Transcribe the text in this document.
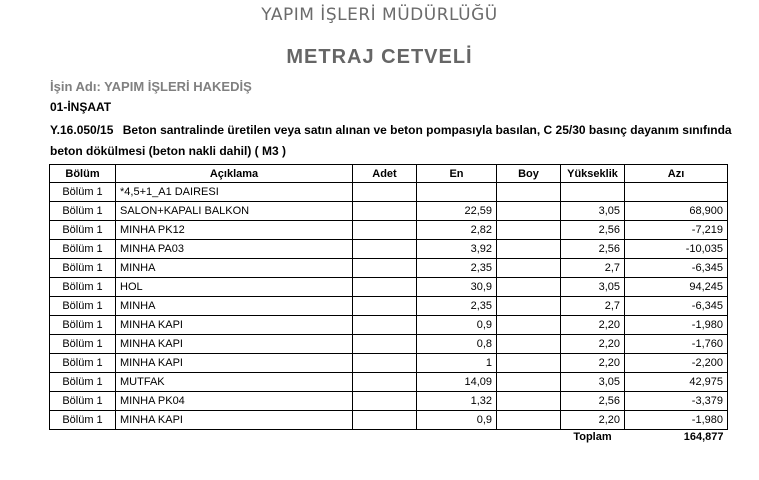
YAPIM İŞLERİ MÜDÜRLÜĞÜ
METRAJ CETVELİ
İşin Adı: YAPIM İŞLERİ HAKEDİŞ
01-İNŞAAT
Y.16.050/15 Beton santralinde üretilen veya satın alınan ve beton pompasıyla basılan, C 25/30 basınç dayanım sınıfında beton dökülmesi (beton nakli dahil) ( M3 )
Bölüm	Açıklama	Adet	En	Boy	Yükseklik	Azı
Bölüm 1	*4,5+1_A1 DAIRESI					
Bölüm 1	SALON+KAPALI BALKON		22,59		3,05	68,900
Bölüm 1	MINHA PK12		2,82		2,56	-7,219
Bölüm 1	MINHA PA03		3,92		2,56	-10,035
Bölüm 1	MINHA		2,35		2,7	-6,345
Bölüm 1	HOL		30,9		3,05	94,245
Bölüm 1	MINHA		2,35		2,7	-6,345
Bölüm 1	MINHA KAPI		0,9		2,20	-1,980
Bölüm 1	MINHA KAPI		0,8		2,20	-1,760
Bölüm 1	MINHA KAPI		1		2,20	-2,200
Bölüm 1	MUTFAK		14,09		3,05	42,975
Bölüm 1	MINHA PK04		1,32		2,56	-3,379
Bölüm 1	MINHA KAPI		0,9		2,20	-1,980
					Toplam	164,877
